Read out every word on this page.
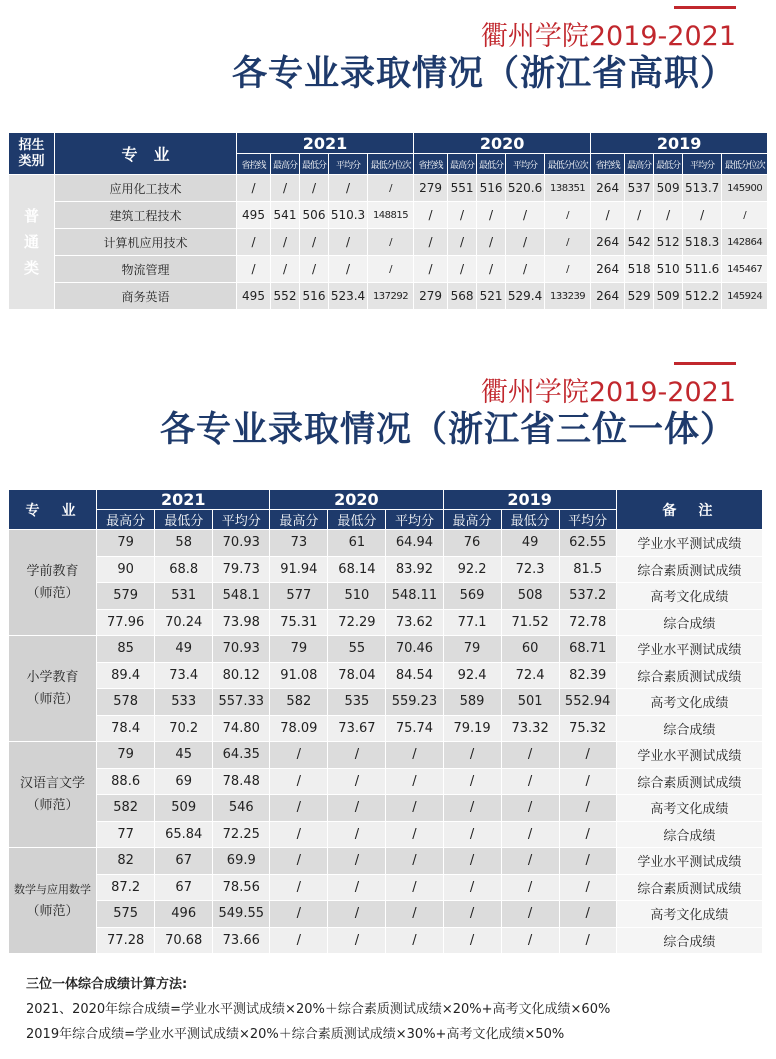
衢州学院2019-2021
各专业录取情况（浙江省高职）
招生类别	专　业	2021					2020					2019				
		省控线	最高分	最低分	平均分	最低分位次	省控线	最高分	最低分	平均分	最低分位次	省控线	最高分	最低分	平均分	最低分位次

普通类	应用化工技术	/	/	/	/	/	279	551	516	520.6	138351	264	537	509	513.7	145900
	建筑工程技术	495	541	506	510.3	148815	/	/	/	/	/	/	/	/	/	/
	计算机应用技术	/	/	/	/	/	/	/	/	/	/	264	542	512	518.3	142864
	物流管理	/	/	/	/	/	/	/	/	/	/	264	518	510	511.6	145467
	商务英语	495	552	516	523.4	137292	279	568	521	529.4	133239	264	529	509	512.2	145924
衢州学院2019-2021
各专业录取情况（浙江省三位一体）
专　业	2021			2020			2019			备　注
	最高分	最低分	平均分	最高分	最低分	平均分	最高分	最低分	平均分	

学前教育
（师范）	79	58	70.93	73	61	64.94	76	49	62.55	学业水平测试成绩
	90	68.8	79.73	91.94	68.14	83.92	92.2	72.3	81.5	综合素质测试成绩
	579	531	548.1	577	510	548.11	569	508	537.2	高考文化成绩
	77.96	70.24	73.98	75.31	72.29	73.62	77.1	71.52	72.78	综合成绩

小学教育
（师范）	85	49	70.93	79	55	70.46	79	60	68.71	学业水平测试成绩
	89.4	73.4	80.12	91.08	78.04	84.54	92.4	72.4	82.39	综合素质测试成绩
	578	533	557.33	582	535	559.23	589	501	552.94	高考文化成绩
	78.4	70.2	74.80	78.09	73.67	75.74	79.19	73.32	75.32	综合成绩

汉语言文学
（师范）	79	45	64.35	/	/	/	/	/	/	学业水平测试成绩
	88.6	69	78.48	/	/	/	/	/	/	综合素质测试成绩
	582	509	546	/	/	/	/	/	/	高考文化成绩
	77	65.84	72.25	/	/	/	/	/	/	综合成绩

数学与应用数学
（师范）	82	67	69.9	/	/	/	/	/	/	学业水平测试成绩
	87.2	67	78.56	/	/	/	/	/	/	综合素质测试成绩
	575	496	549.55	/	/	/	/	/	/	高考文化成绩
	77.28	70.68	73.66	/	/	/	/	/	/	综合成绩
三位一体综合成绩计算方法:
2021、2020年综合成绩=学业水平测试成绩×20%＋综合素质测试成绩×20%+高考文化成绩×60%
2019年综合成绩=学业水平测试成绩×20%＋综合素质测试成绩×30%+高考文化成绩×50%
